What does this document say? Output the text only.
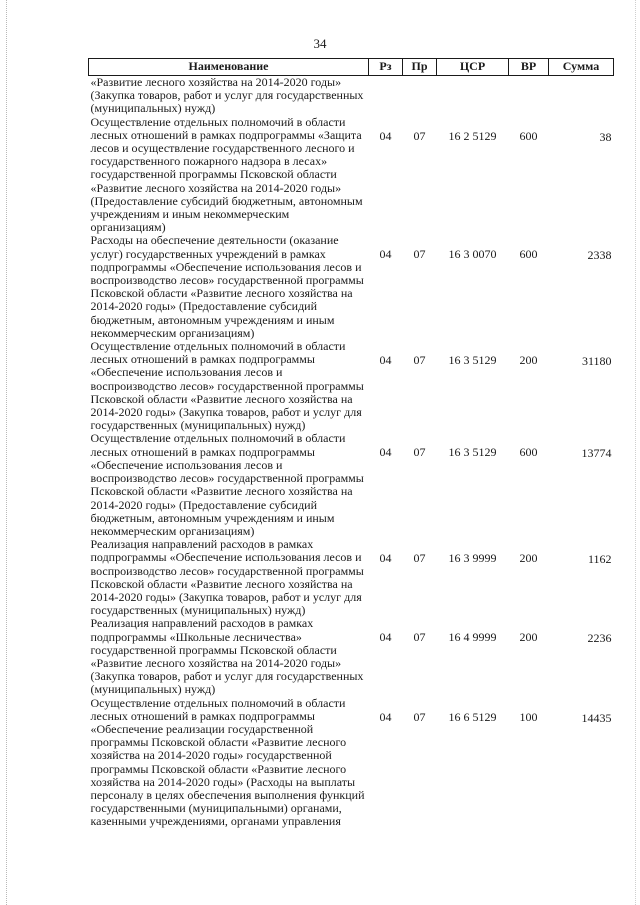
34
Наименование	Рз	Пр	ЦСР	ВР	Сумма
«Развитие лесного хозяйства на 2014-2020 годы» (Закупка товаров, работ и услуг для государственных (муниципальных) нужд)					
Осуществление отдельных полномочий в области лесных отношений в рамках подпрограммы «Защита лесов и осуществление государственного лесного и государственного пожарного надзора в лесах» государственной программы Псковской области «Развитие лесного хозяйства на 2014-2020 годы» (Предоставление субсидий бюджетным, автономным учреждениям и иным некоммерческим организациям)	04	07	16 2 5129	600	38
Расходы на обеспечение деятельности (оказание услуг) государственных учреждений в рамках подпрограммы «Обеспечение использования лесов и воспроизводство лесов» государственной программы Псковской области «Развитие лесного хозяйства на 2014-2020 годы» (Предоставление субсидий бюджетным, автономным учреждениям и иным некоммерческим организациям)	04	07	16 3 0070	600	2338
Осуществление отдельных полномочий в области лесных отношений в рамках подпрограммы «Обеспечение использования лесов и воспроизводство лесов» государственной программы Псковской области «Развитие лесного хозяйства на 2014-2020 годы» (Закупка товаров, работ и услуг для государственных (муниципальных) нужд)	04	07	16 3 5129	200	31180
Осуществление отдельных полномочий в области лесных отношений в рамках подпрограммы «Обеспечение использования лесов и воспроизводство лесов» государственной программы Псковской области «Развитие лесного хозяйства на 2014-2020 годы» (Предоставление субсидий бюджетным, автономным учреждениям и иным некоммерческим организациям)	04	07	16 3 5129	600	13774
Реализация направлений расходов в рамках подпрограммы «Обеспечение использования лесов и воспроизводство лесов» государственной программы Псковской области «Развитие лесного хозяйства на 2014-2020 годы» (Закупка товаров, работ и услуг для государственных (муниципальных) нужд)	04	07	16 3 9999	200	1162
Реализация направлений расходов в рамках подпрограммы «Школьные лесничества» государственной программы Псковской области «Развитие лесного хозяйства на 2014-2020 годы» (Закупка товаров, работ и услуг для государственных (муниципальных) нужд)	04	07	16 4 9999	200	2236
Осуществление отдельных полномочий в области лесных отношений в рамках подпрограммы «Обеспечение реализации государственной программы Псковской области «Развитие лесного хозяйства на 2014-2020 годы» государственной программы Псковской области «Развитие лесного хозяйства на 2014-2020 годы» (Расходы на выплаты персоналу в целях обеспечения выполнения функций государственными (муниципальными) органами, казенными учреждениями, органами управления	04	07	16 6 5129	100	14435
